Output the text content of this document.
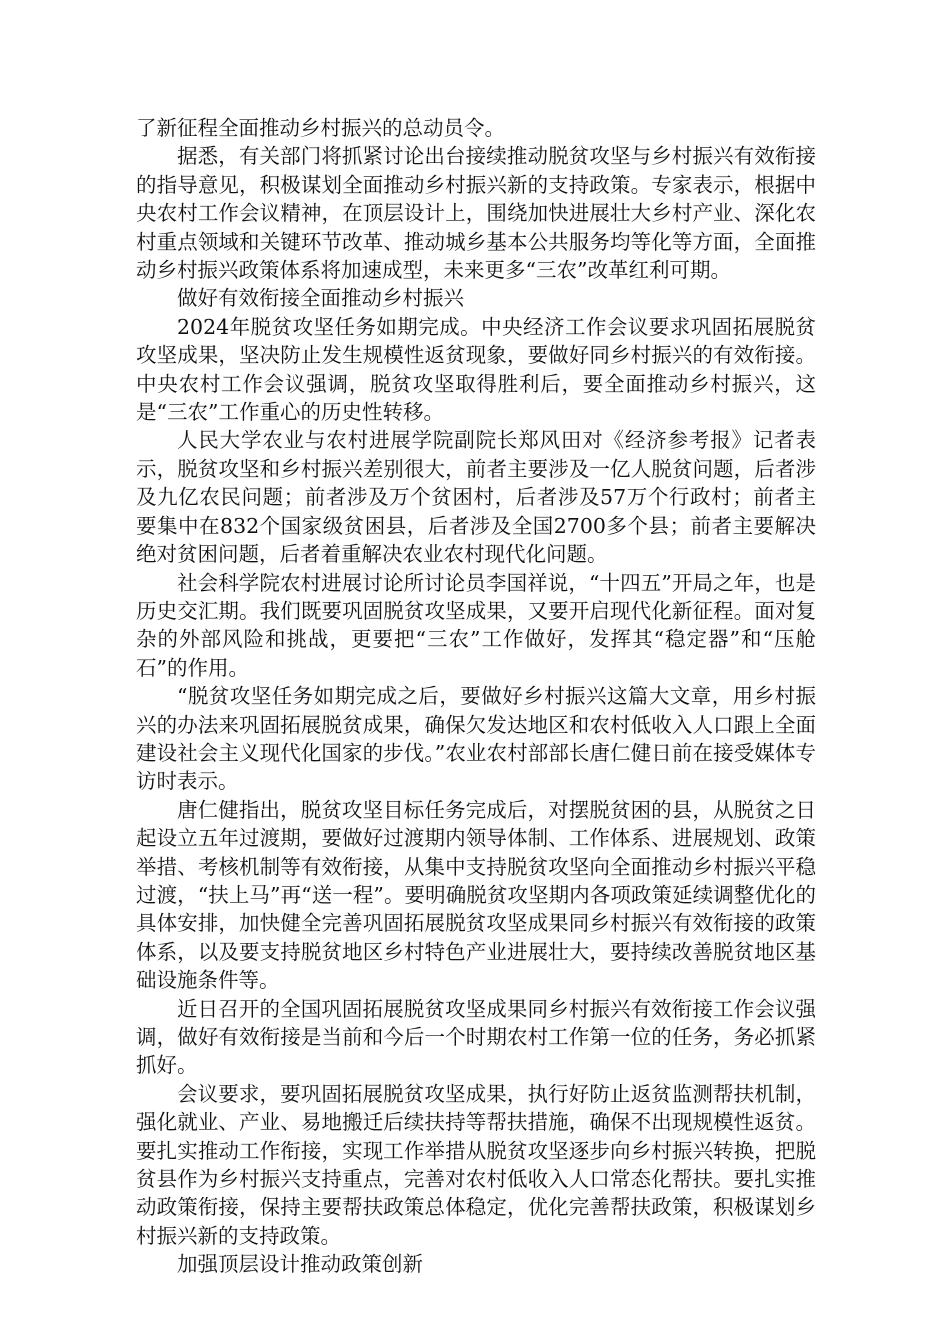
了新征程全面推动乡村振兴的总动员令。

据悉，有关部门将抓紧讨论出台接续推动脱贫攻坚与乡村振兴有效衔接的指导意见，积极谋划全面推动乡村振兴新的支持政策。专家表示，根据中央农村工作会议精神，在顶层设计上，围绕加快进展壮大乡村产业、深化农村重点领域和关键环节改革、推动城乡基本公共服务均等化等方面，全面推动乡村振兴政策体系将加速成型，未来更多“三农”改革红利可期。

做好有效衔接全面推动乡村振兴

2024年脱贫攻坚任务如期完成。中央经济工作会议要求巩固拓展脱贫攻坚成果，坚决防止发生规模性返贫现象，要做好同乡村振兴的有效衔接。中央农村工作会议强调，脱贫攻坚取得胜利后，要全面推动乡村振兴，这是“三农”工作重心的历史性转移。

人民大学农业与农村进展学院副院长郑风田对《经济参考报》记者表示，脱贫攻坚和乡村振兴差别很大，前者主要涉及一亿人脱贫问题，后者涉及九亿农民问题；前者涉及万个贫困村，后者涉及57万个行政村；前者主要集中在832个国家级贫困县，后者涉及全国2700多个县；前者主要解决绝对贫困问题，后者着重解决农业农村现代化问题。

社会科学院农村进展讨论所讨论员李国祥说，“十四五”开局之年，也是历史交汇期。我们既要巩固脱贫攻坚成果，又要开启现代化新征程。面对复杂的外部风险和挑战，更要把“三农”工作做好，发挥其“稳定器”和“压舱石”的作用。

“脱贫攻坚任务如期完成之后，要做好乡村振兴这篇大文章，用乡村振兴的办法来巩固拓展脱贫成果，确保欠发达地区和农村低收入人口跟上全面建设社会主义现代化国家的步伐。”农业农村部部长唐仁健日前在接受媒体专访时表示。

唐仁健指出，脱贫攻坚目标任务完成后，对摆脱贫困的县，从脱贫之日起设立五年过渡期，要做好过渡期内领导体制、工作体系、进展规划、政策举措、考核机制等有效衔接，从集中支持脱贫攻坚向全面推动乡村振兴平稳过渡，“扶上马”再“送一程”。要明确脱贫攻坚期内各项政策延续调整优化的具体安排，加快健全完善巩固拓展脱贫攻坚成果同乡村振兴有效衔接的政策体系，以及要支持脱贫地区乡村特色产业进展壮大，要持续改善脱贫地区基础设施条件等。

近日召开的全国巩固拓展脱贫攻坚成果同乡村振兴有效衔接工作会议强调，做好有效衔接是当前和今后一个时期农村工作第一位的任务，务必抓紧抓好。

会议要求，要巩固拓展脱贫攻坚成果，执行好防止返贫监测帮扶机制，强化就业、产业、易地搬迁后续扶持等帮扶措施，确保不出现规模性返贫。要扎实推动工作衔接，实现工作举措从脱贫攻坚逐步向乡村振兴转换，把脱贫县作为乡村振兴支持重点，完善对农村低收入人口常态化帮扶。要扎实推动政策衔接，保持主要帮扶政策总体稳定，优化完善帮扶政策，积极谋划乡村振兴新的支持政策。

加强顶层设计推动政策创新
